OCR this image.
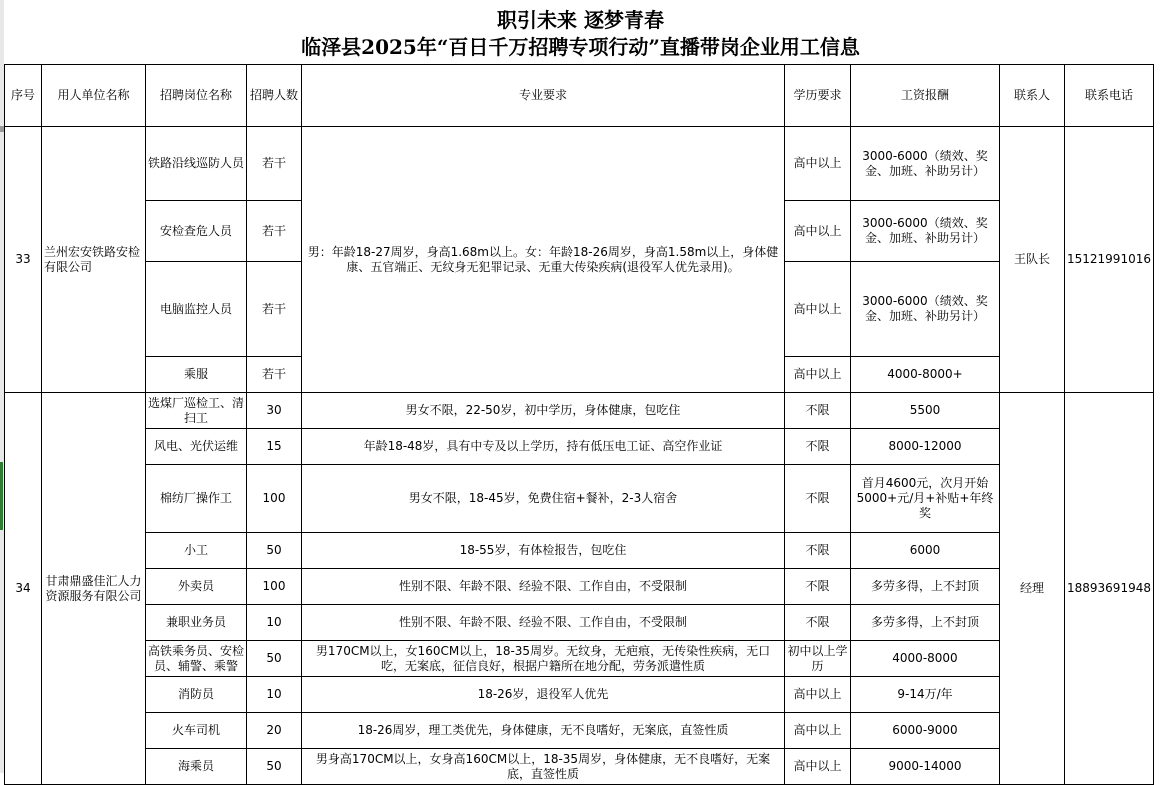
职引未来 逐梦青春
临泽县2025年“百日千万招聘专项行动”直播带岗企业用工信息
序号	用人单位名称	招聘岗位名称	招聘人数	专业要求	学历要求	工资报酬	联系人	联系电话
33	兰州宏安铁路安检有限公司	铁路沿线巡防人员	若干	男：年龄18-27周岁，身高1.68m以上。女：年龄18-26周岁，身高1.58m以上，身体健康、五官端正、无纹身无犯罪记录、无重大传染疾病(退役军人优先录用)。	高中以上	3000-6000（绩效、奖金、加班、补助另计）	王队长	15121991016
		安检查危人员	若干		高中以上	3000-6000（绩效、奖金、加班、补助另计）		
		电脑监控人员	若干		高中以上	3000-6000（绩效、奖金、加班、补助另计）		
		乘服	若干		高中以上	4000-8000+		
34	甘肃鼎盛佳汇人力资源服务有限公司	选煤厂巡检工、清扫工	30	男女不限，22-50岁，初中学历，身体健康，包吃住	不限	5500	经理	18893691948
		风电、光伏运维	15	年龄18-48岁，具有中专及以上学历，持有低压电工证、高空作业证	不限	8000-12000		
		棉纺厂操作工	100	男女不限，18-45岁，免费住宿+餐补，2-3人宿舍	不限	首月4600元，次月开始5000+元/月+补贴+年终奖		
		小工	50	18-55岁，有体检报告，包吃住	不限	6000		
		外卖员	100	性别不限、年龄不限、经验不限、工作自由，不受限制	不限	多劳多得，上不封顶		
		兼职业务员	10	性别不限、年龄不限、经验不限、工作自由，不受限制	不限	多劳多得，上不封顶		
		高铁乘务员、安检员、辅警、乘警	50	男170CM以上，女160CM以上，18-35周岁。无纹身，无疤痕，无传染性疾病，无口吃，无案底，征信良好，根据户籍所在地分配，劳务派遣性质	初中以上学历	4000-8000		
		消防员	10	18-26岁，退役军人优先	高中以上	9-14万/年		
		火车司机	20	18-26周岁，理工类优先，身体健康，无不良嗜好，无案底，直签性质	高中以上	6000-9000		
		海乘员	50	男身高170CM以上，女身高160CM以上，18-35周岁，身体健康，无不良嗜好，无案底，直签性质	高中以上	9000-14000		
